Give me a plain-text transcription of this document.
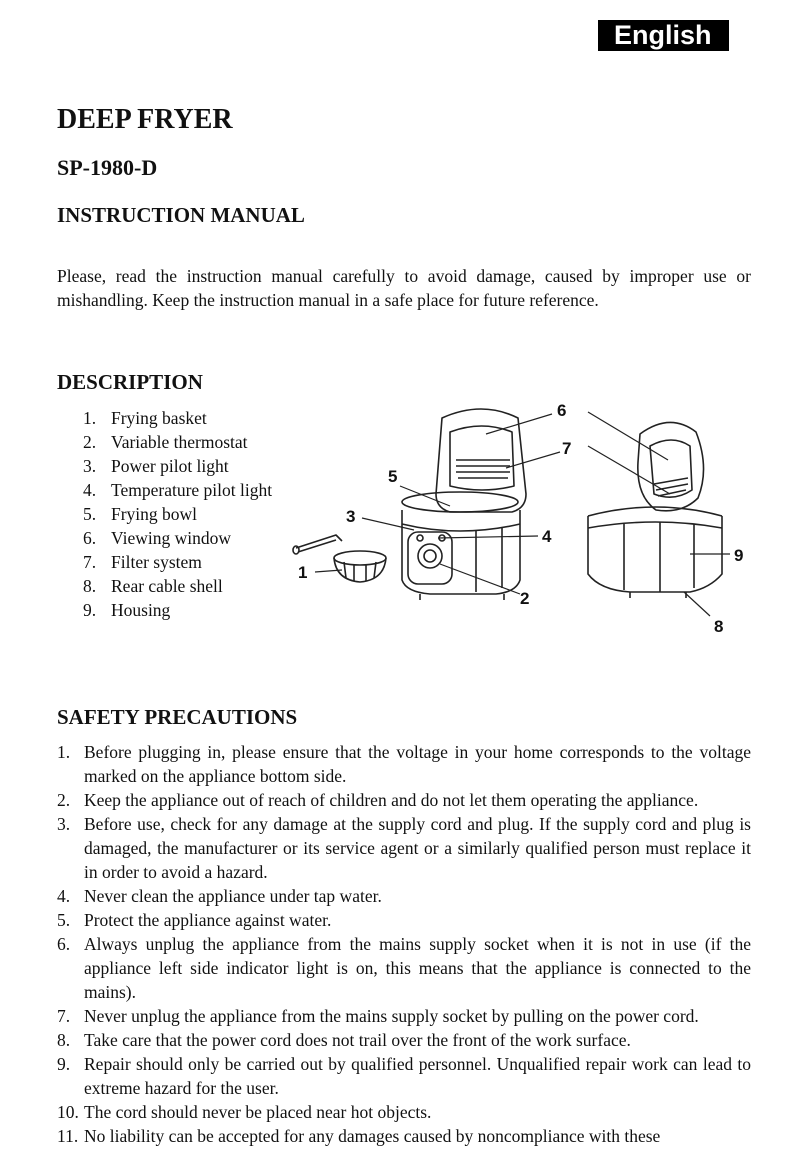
English
DEEP FRYER
SP-1980-D
INSTRUCTION MANUAL

Please, read the instruction manual carefully to avoid damage, caused by improper use or mishandling. Keep the instruction manual in a safe place for future reference.

DESCRIPTION
1. Frying basket
2. Variable thermostat
3. Power pilot light
4. Temperature pilot light
5. Frying bowl
6. Viewing window
7. Filter system
8. Rear cable shell
9. Housing
1
2
3
4
5
6
7
8
9
SAFETY PRECAUTIONS
1. Before plugging in, please ensure that the voltage in your home corresponds to the voltage marked on the appliance bottom side.
2. Keep the appliance out of reach of children and do not let them operating the appliance.
3. Before use, check for any damage at the supply cord and plug. If the supply cord and plug is damaged, the manufacturer or its service agent or a similarly qualified person must replace it in order to avoid a hazard.
4. Never clean the appliance under tap water.
5. Protect the appliance against water.
6. Always unplug the appliance from the mains supply socket when it is not in use (if the appliance left side indicator light is on, this means that the appliance is connected to the mains).
7. Never unplug the appliance from the mains supply socket by pulling on the power cord.
8. Take care that the power cord does not trail over the front of the work surface.
9. Repair should only be carried out by qualified personnel. Unqualified repair work can lead to extreme hazard for the user.
10. The cord should never be placed near hot objects.
11. No liability can be accepted for any damages caused by noncompliance with these
